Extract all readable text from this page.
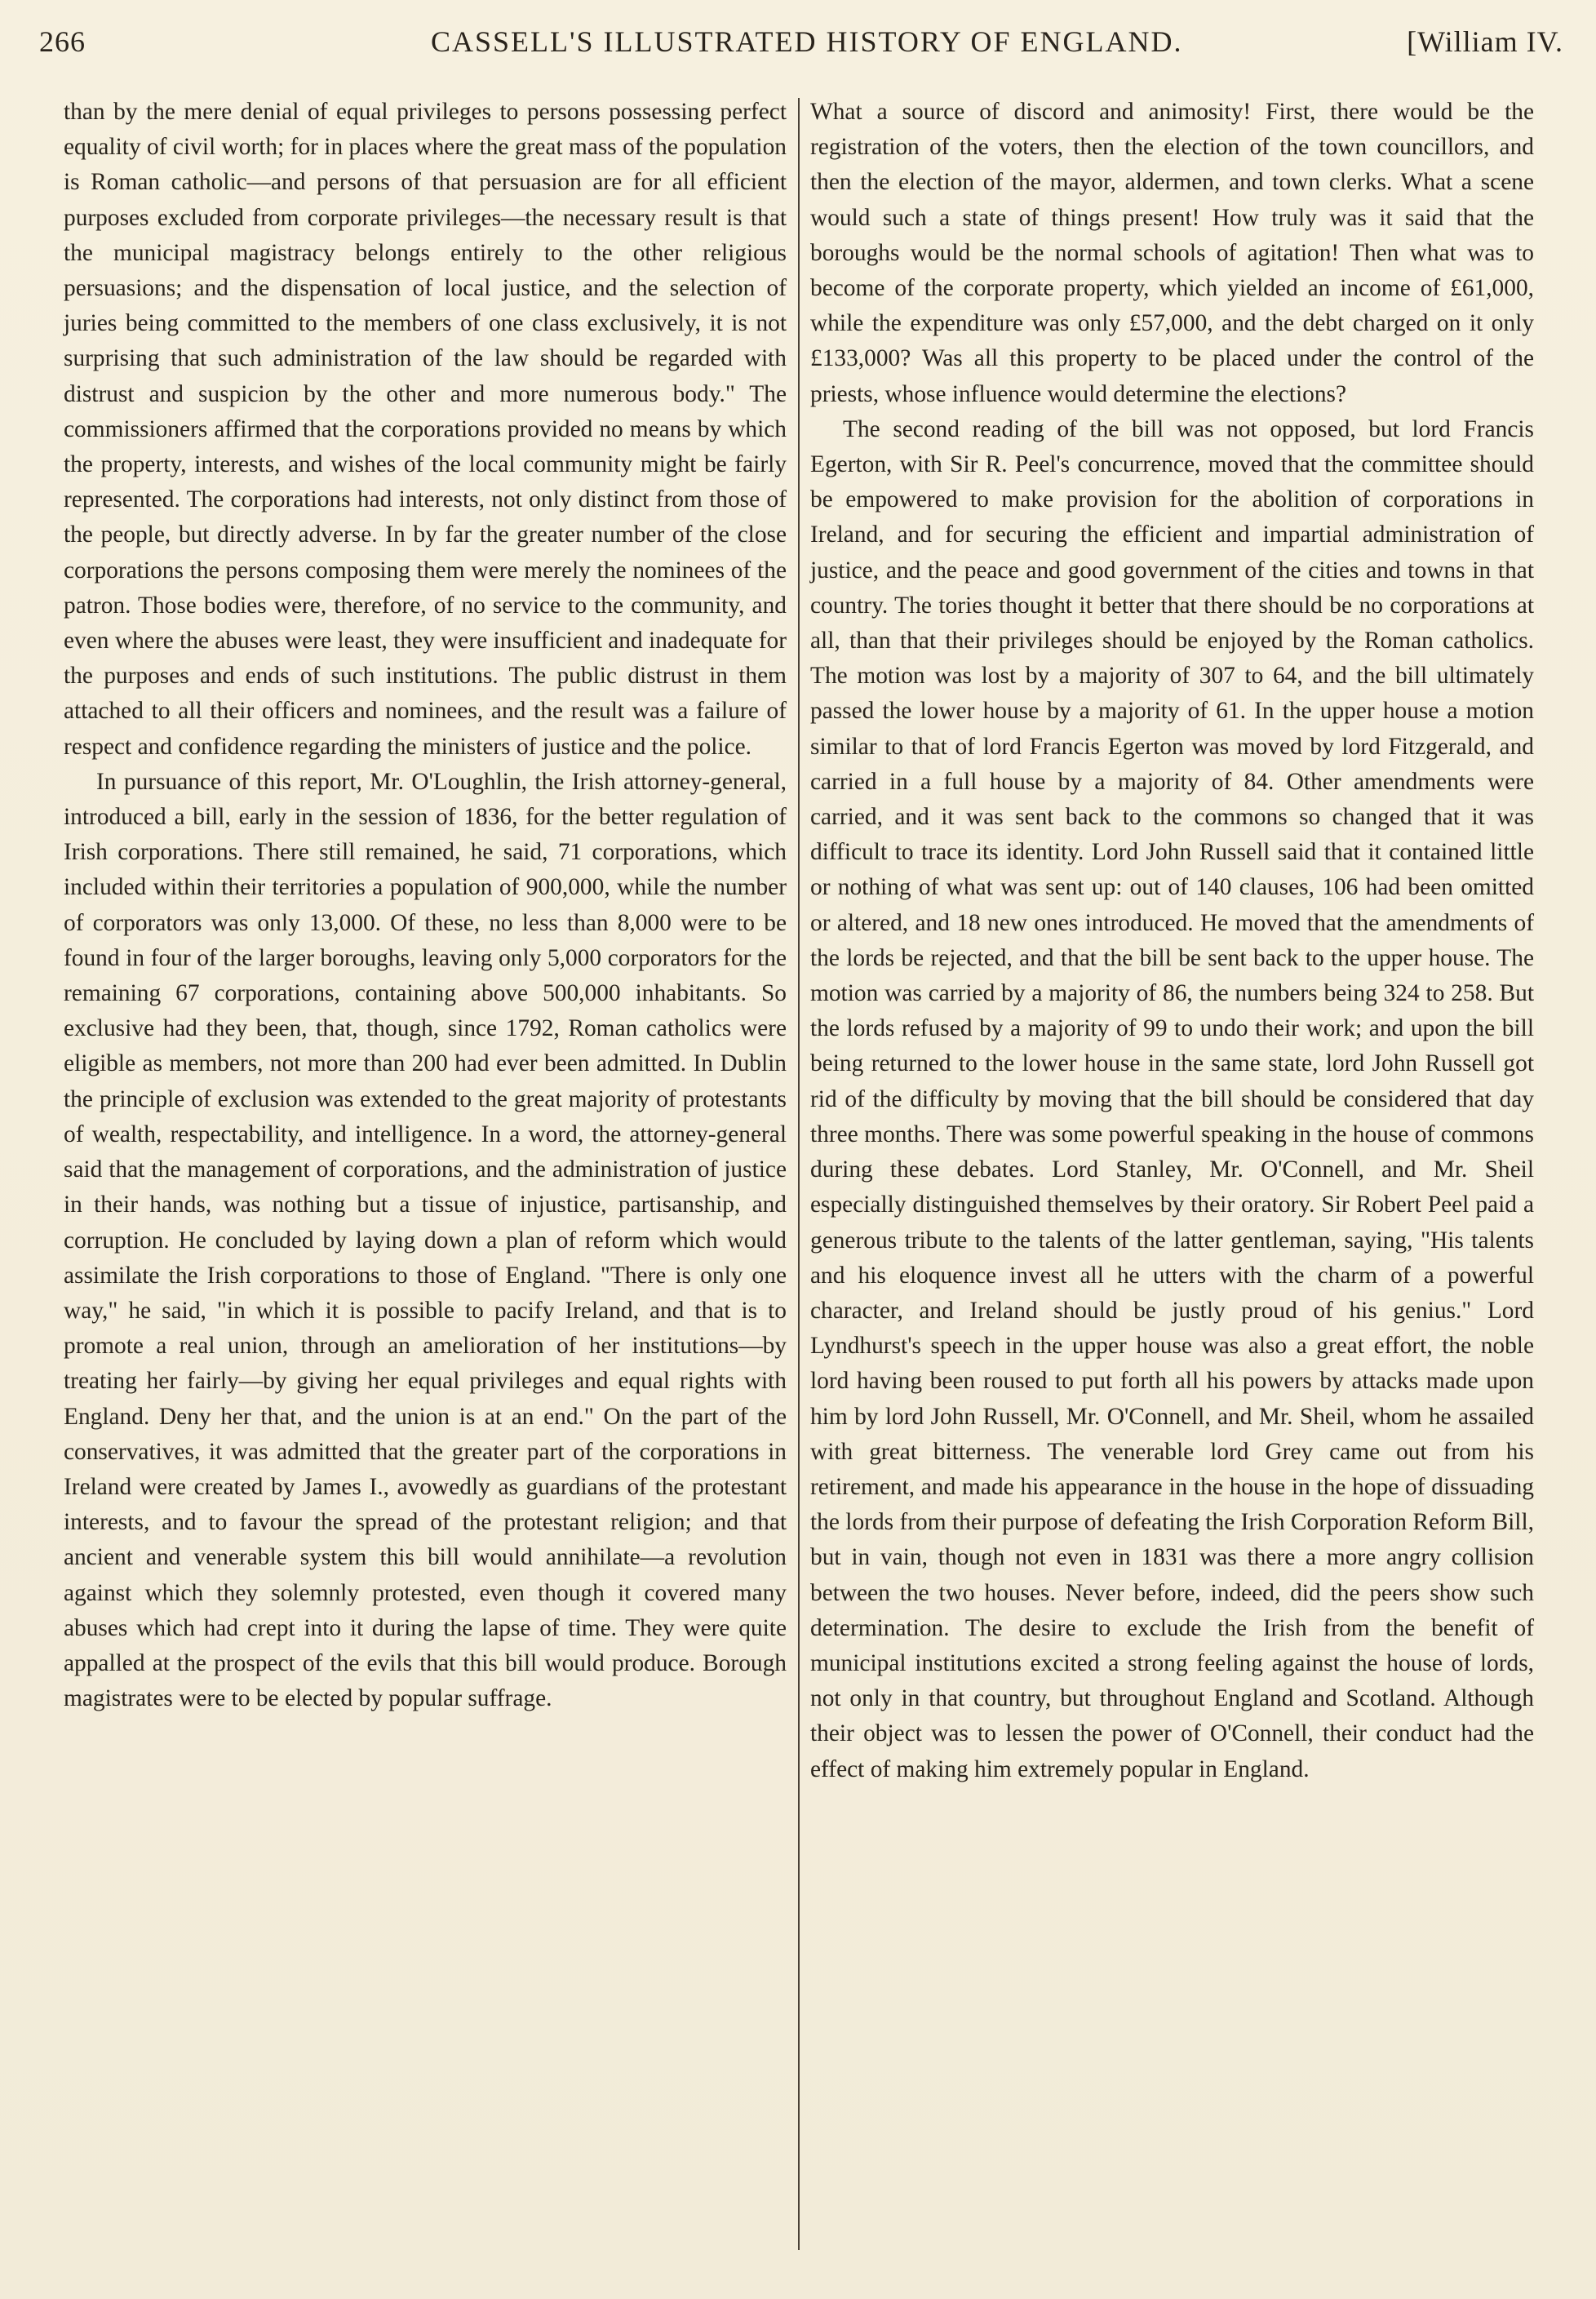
266	CASSELL'S ILLUSTRATED HISTORY OF ENGLAND.	[William IV.

than by the mere denial of equal privileges to persons possessing perfect equality of civil worth; for in places where the great mass of the population is Roman catholic—and persons of that persuasion are for all efficient purposes excluded from corporate privileges—the necessary result is that the municipal magistracy belongs entirely to the other religious persuasions; and the dispensation of local justice, and the selection of juries being committed to the members of one class exclusively, it is not surprising that such administration of the law should be regarded with distrust and suspicion by the other and more numerous body." The commissioners affirmed that the corporations provided no means by which the property, interests, and wishes of the local community might be fairly represented. The corporations had interests, not only distinct from those of the people, but directly adverse. In by far the greater number of the close corporations the persons composing them were merely the nominees of the patron. Those bodies were, therefore, of no service to the community, and even where the abuses were least, they were insufficient and inadequate for the purposes and ends of such institutions. The public distrust in them attached to all their officers and nominees, and the result was a failure of respect and confidence regarding the ministers of justice and the police.

In pursuance of this report, Mr. O'Loughlin, the Irish attorney-general, introduced a bill, early in the session of 1836, for the better regulation of Irish corporations. There still remained, he said, 71 corporations, which included within their territories a population of 900,000, while the number of corporators was only 13,000. Of these, no less than 8,000 were to be found in four of the larger boroughs, leaving only 5,000 corporators for the remaining 67 corporations, containing above 500,000 inhabitants. So exclusive had they been, that, though, since 1792, Roman catholics were eligible as members, not more than 200 had ever been admitted. In Dublin the principle of exclusion was extended to the great majority of protestants of wealth, respectability, and intelligence. In a word, the attorney-general said that the management of corporations, and the administration of justice in their hands, was nothing but a tissue of injustice, partisanship, and corruption. He concluded by laying down a plan of reform which would assimilate the Irish corporations to those of England. "There is only one way," he said, "in which it is possible to pacify Ireland, and that is to promote a real union, through an amelioration of her institutions—by treating her fairly—by giving her equal privileges and equal rights with England. Deny her that, and the union is at an end." On the part of the conservatives, it was admitted that the greater part of the corporations in Ireland were created by James I., avowedly as guardians of the protestant interests, and to favour the spread of the protestant religion; and that ancient and venerable system this bill would annihilate—a revolution against which they solemnly protested, even though it covered many abuses which had crept into it during the lapse of time. They were quite appalled at the prospect of the evils that this bill would produce. Borough magistrates were to be elected by popular suffrage.

What a source of discord and animosity! First, there would be the registration of the voters, then the election of the town councillors, and then the election of the mayor, aldermen, and town clerks. What a scene would such a state of things present! How truly was it said that the boroughs would be the normal schools of agitation! Then what was to become of the corporate property, which yielded an income of £61,000, while the expenditure was only £57,000, and the debt charged on it only £133,000? Was all this property to be placed under the control of the priests, whose influence would determine the elections?

The second reading of the bill was not opposed, but lord Francis Egerton, with Sir R. Peel's concurrence, moved that the committee should be empowered to make provision for the abolition of corporations in Ireland, and for securing the efficient and impartial administration of justice, and the peace and good government of the cities and towns in that country. The tories thought it better that there should be no corporations at all, than that their privileges should be enjoyed by the Roman catholics. The motion was lost by a majority of 307 to 64, and the bill ultimately passed the lower house by a majority of 61. In the upper house a motion similar to that of lord Francis Egerton was moved by lord Fitzgerald, and carried in a full house by a majority of 84. Other amendments were carried, and it was sent back to the commons so changed that it was difficult to trace its identity. Lord John Russell said that it contained little or nothing of what was sent up: out of 140 clauses, 106 had been omitted or altered, and 18 new ones introduced. He moved that the amendments of the lords be rejected, and that the bill be sent back to the upper house. The motion was carried by a majority of 86, the numbers being 324 to 258. But the lords refused by a majority of 99 to undo their work; and upon the bill being returned to the lower house in the same state, lord John Russell got rid of the difficulty by moving that the bill should be considered that day three months. There was some powerful speaking in the house of commons during these debates. Lord Stanley, Mr. O'Connell, and Mr. Sheil especially distinguished themselves by their oratory. Sir Robert Peel paid a generous tribute to the talents of the latter gentleman, saying, "His talents and his eloquence invest all he utters with the charm of a powerful character, and Ireland should be justly proud of his genius." Lord Lyndhurst's speech in the upper house was also a great effort, the noble lord having been roused to put forth all his powers by attacks made upon him by lord John Russell, Mr. O'Connell, and Mr. Sheil, whom he assailed with great bitterness. The venerable lord Grey came out from his retirement, and made his appearance in the house in the hope of dissuading the lords from their purpose of defeating the Irish Corporation Reform Bill, but in vain, though not even in 1831 was there a more angry collision between the two houses. Never before, indeed, did the peers show such determination. The desire to exclude the Irish from the benefit of municipal institutions excited a strong feeling against the house of lords, not only in that country, but throughout England and Scotland. Although their object was to lessen the power of O'Connell, their conduct had the effect of making him extremely popular in England.
